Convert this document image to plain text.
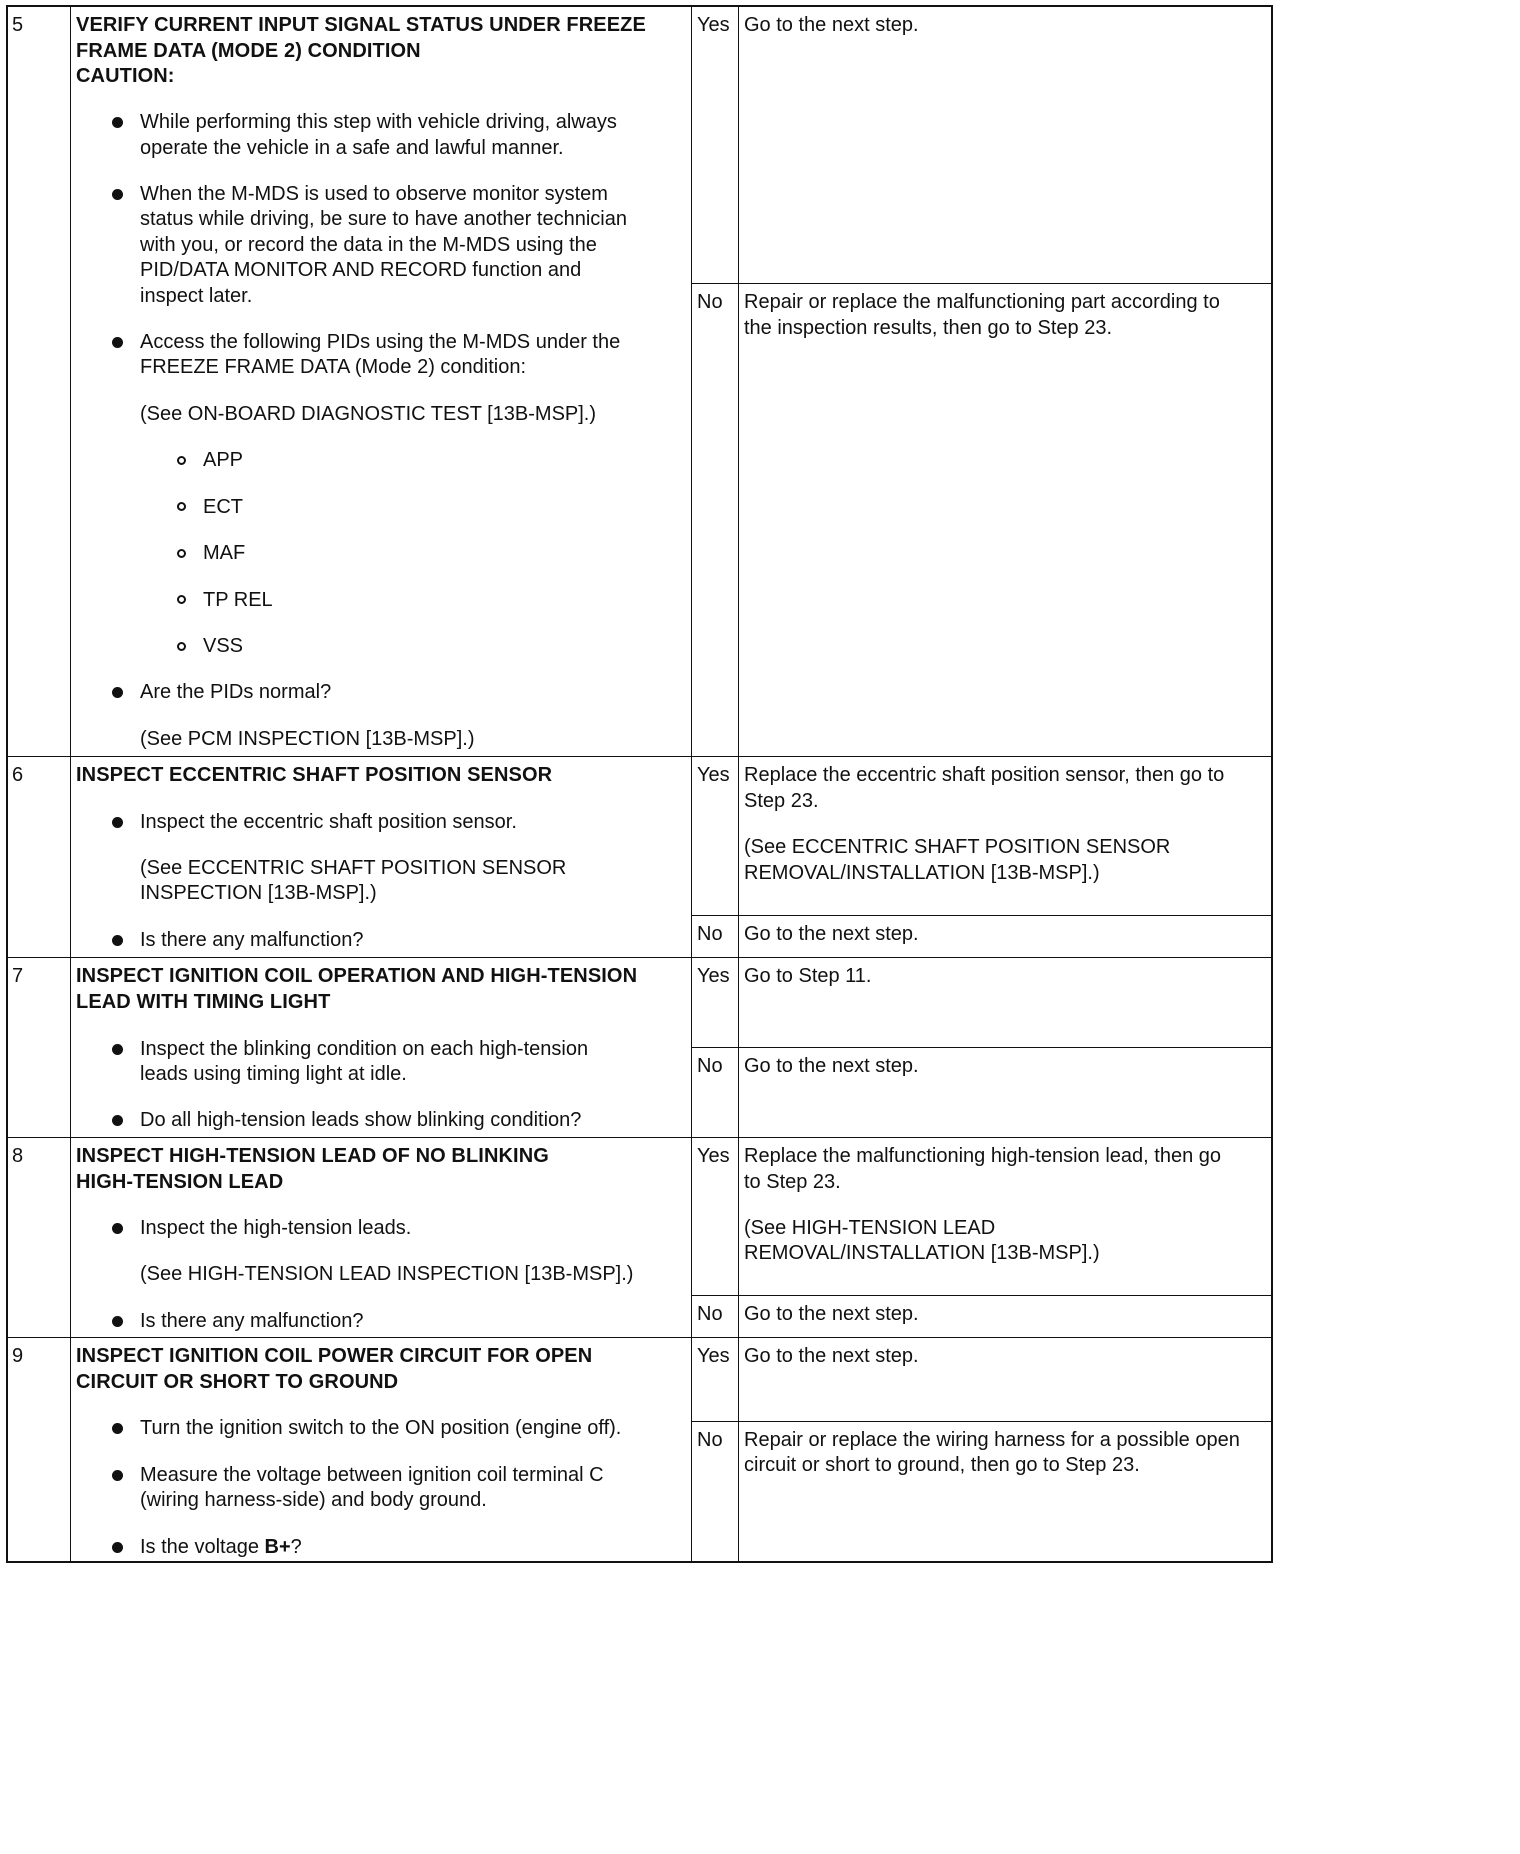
5	VERIFY CURRENT INPUT SIGNAL STATUS UNDER FREEZE
FRAME DATA (MODE 2) CONDITION
CAUTION:
While performing this step with vehicle driving, always
operate the vehicle in a safe and lawful manner.
When the M-MDS is used to observe monitor system
status while driving, be sure to have another technician
with you, or record the data in the M-MDS using the
PID/DATA MONITOR AND RECORD function and
inspect later.
Access the following PIDs using the M-MDS under the
FREEZE FRAME DATA (Mode 2) condition:
(See ON-BOARD DIAGNOSTIC TEST [13B-MSP].)
APP
ECT
MAF
TP REL
VSS
Are the PIDs normal?
(See PCM INSPECTION [13B-MSP].)
Yes Go to the next step.
No Repair or replace the malfunctioning part according to
the inspection results, then go to Step 23.
6	INSPECT ECCENTRIC SHAFT POSITION SENSOR
Inspect the eccentric shaft position sensor.
(See ECCENTRIC SHAFT POSITION SENSOR
INSPECTION [13B-MSP].)
Is there any malfunction?
Yes Replace the eccentric shaft position sensor, then go to
Step 23.
(See ECCENTRIC SHAFT POSITION SENSOR
REMOVAL/INSTALLATION [13B-MSP].)
No Go to the next step.
7	INSPECT IGNITION COIL OPERATION AND HIGH-TENSION
LEAD WITH TIMING LIGHT
Inspect the blinking condition on each high-tension
leads using timing light at idle.
Do all high-tension leads show blinking condition?
Yes Go to Step 11.
No Go to the next step.
8	INSPECT HIGH-TENSION LEAD OF NO BLINKING
HIGH-TENSION LEAD
Inspect the high-tension leads.
(See HIGH-TENSION LEAD INSPECTION [13B-MSP].)
Is there any malfunction?
Yes Replace the malfunctioning high-tension lead, then go
to Step 23.
(See HIGH-TENSION LEAD
REMOVAL/INSTALLATION [13B-MSP].)
No Go to the next step.
9	INSPECT IGNITION COIL POWER CIRCUIT FOR OPEN
CIRCUIT OR SHORT TO GROUND
Turn the ignition switch to the ON position (engine off).
Measure the voltage between ignition coil terminal C
(wiring harness-side) and body ground.
Is the voltage B+?
Yes Go to the next step.
No Repair or replace the wiring harness for a possible open
circuit or short to ground, then go to Step 23.
